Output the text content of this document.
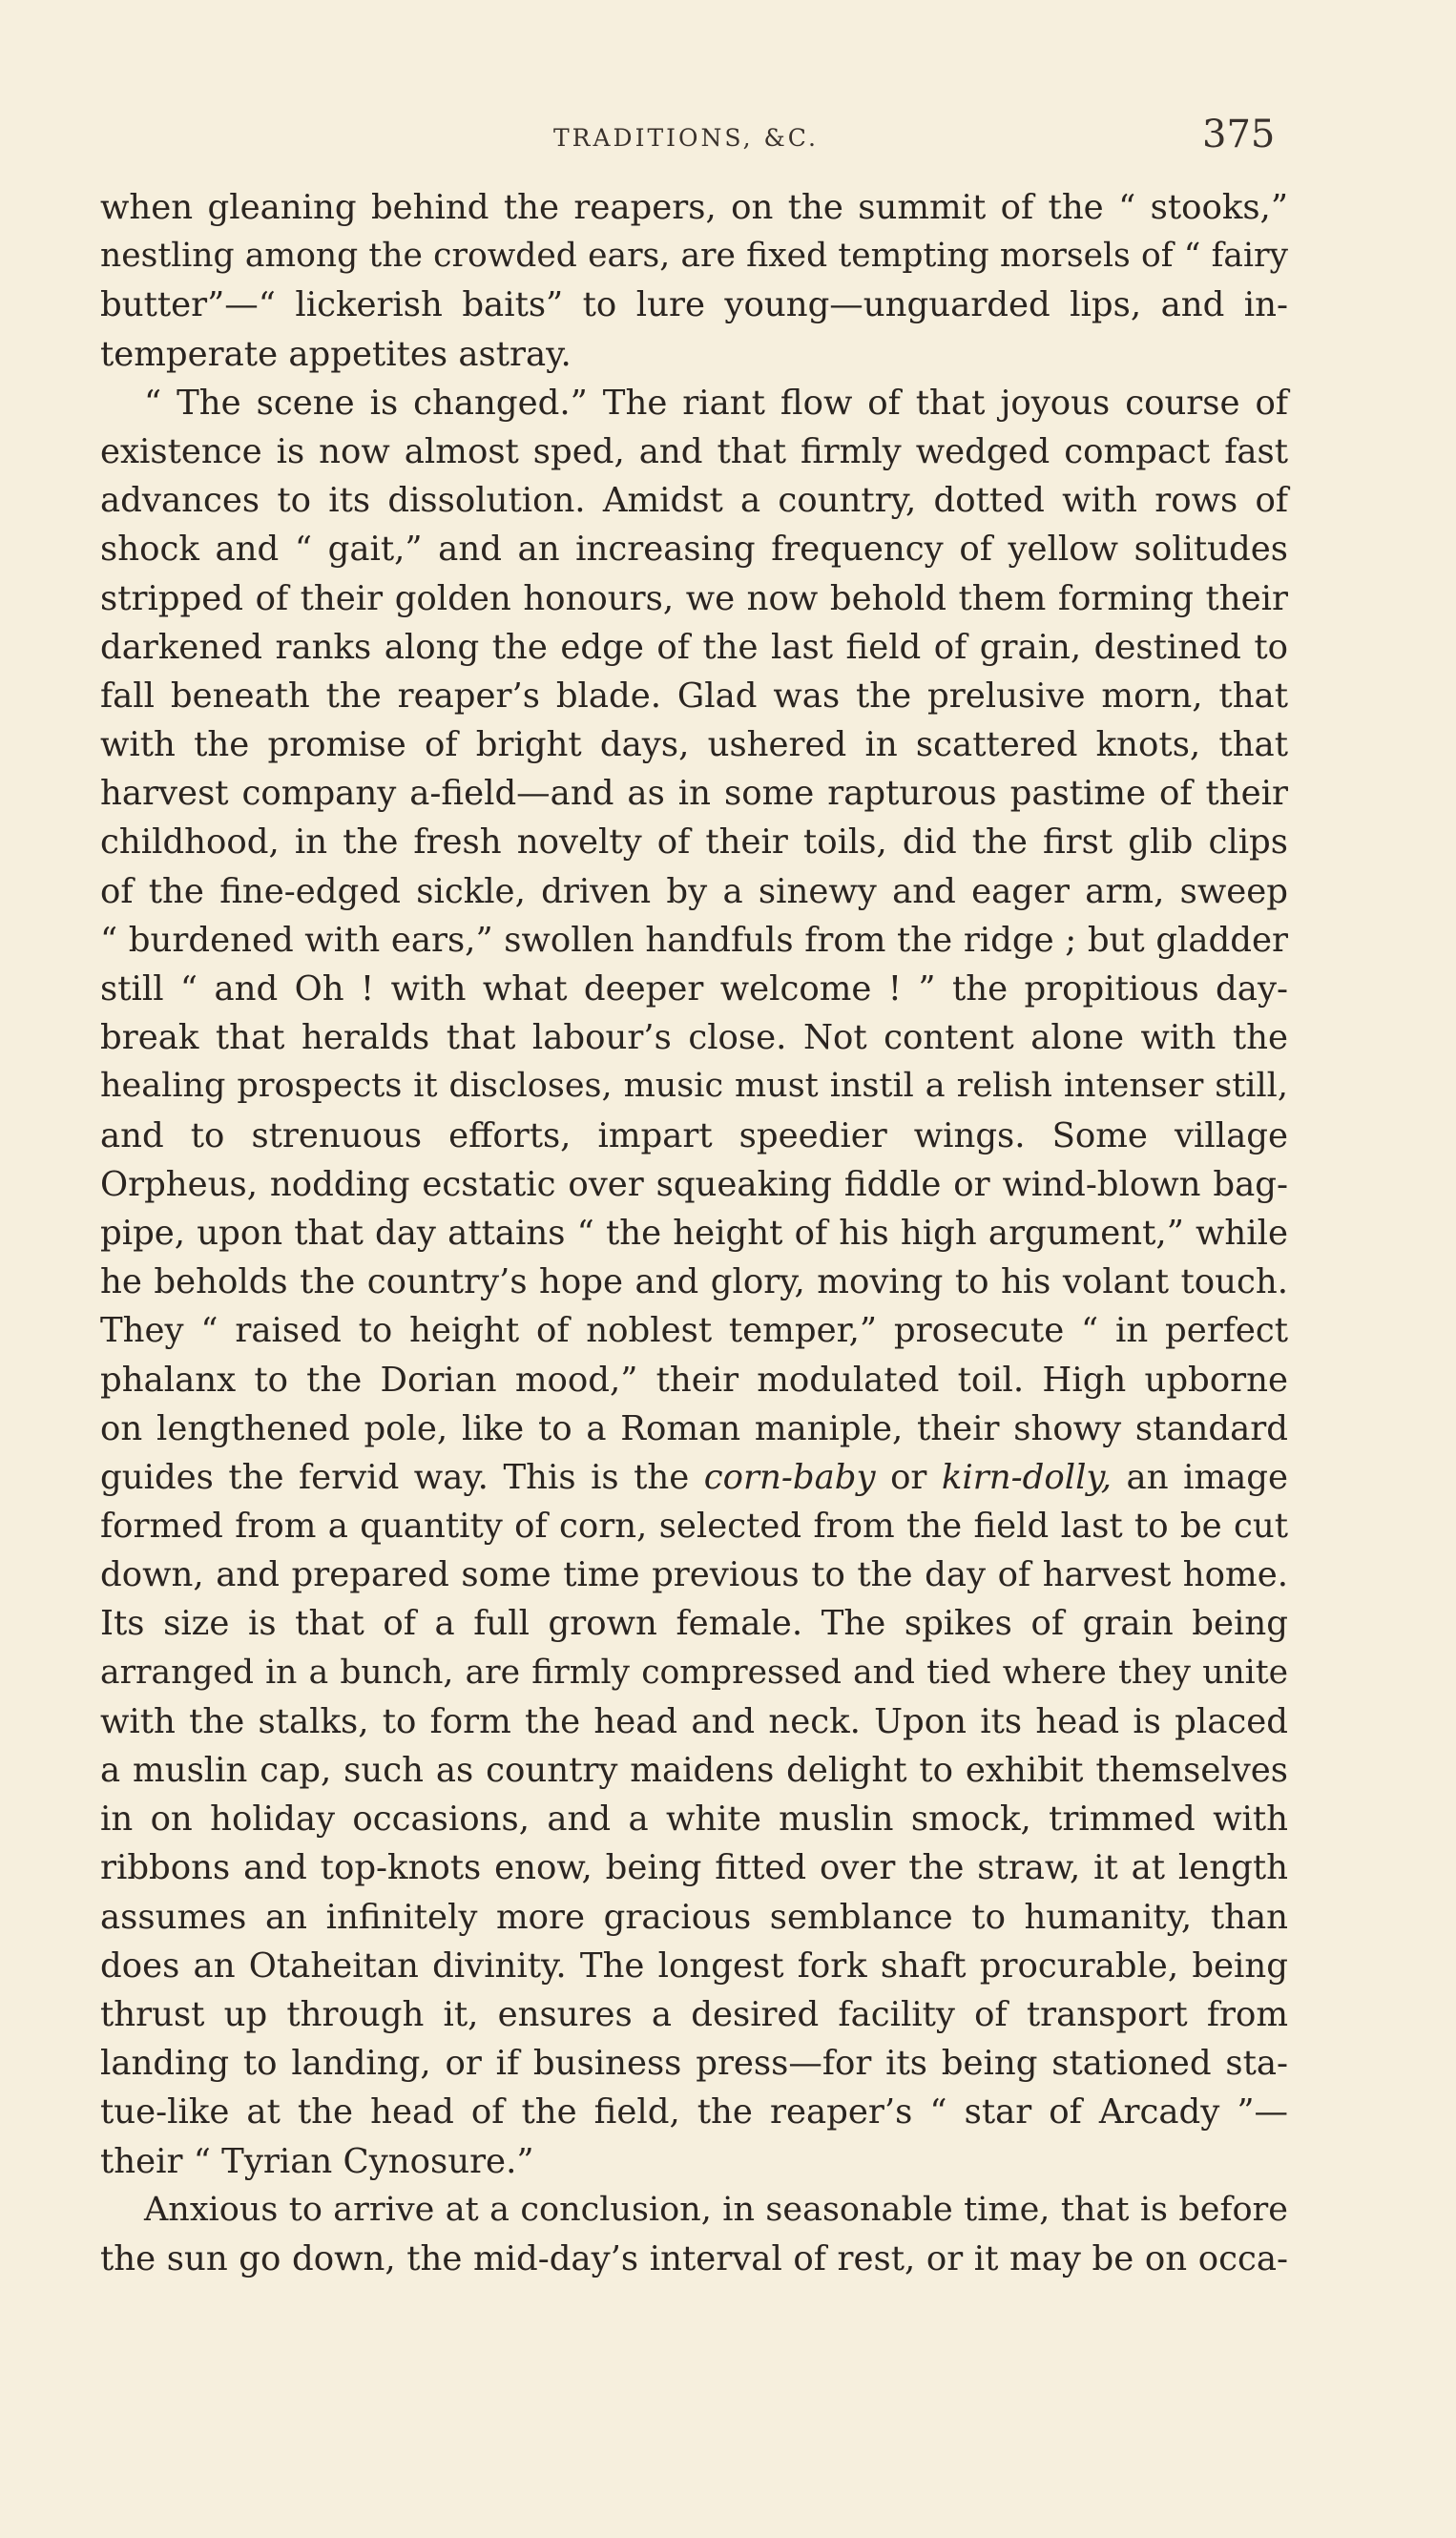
TRADITIONS, &C.	375
when gleaning behind the reapers, on the summit of the “ stooks,”
nestling among the crowded ears, are fixed tempting morsels of “ fairy
butter”—“ lickerish baits” to lure young—unguarded lips, and in-
temperate appetites astray.
“ The scene is changed.” The riant flow of that joyous course of
existence is now almost sped, and that firmly wedged compact fast
advances to its dissolution. Amidst a country, dotted with rows of
shock and “ gait,” and an increasing frequency of yellow solitudes
stripped of their golden honours, we now behold them forming their
darkened ranks along the edge of the last field of grain, destined to
fall beneath the reaper’s blade. Glad was the prelusive morn, that
with the promise of bright days, ushered in scattered knots, that
harvest company a-field—and as in some rapturous pastime of their
childhood, in the fresh novelty of their toils, did the first glib clips
of the fine-edged sickle, driven by a sinewy and eager arm, sweep
“ burdened with ears,” swollen handfuls from the ridge ; but gladder
still “ and Oh ! with what deeper welcome ! ” the propitious day-
break that heralds that labour’s close. Not content alone with the
healing prospects it discloses, music must instil a relish intenser still,
and to strenuous efforts, impart speedier wings. Some village
Orpheus, nodding ecstatic over squeaking fiddle or wind-blown bag-
pipe, upon that day attains “ the height of his high argument,” while
he beholds the country’s hope and glory, moving to his volant touch.
They “ raised to height of noblest temper,” prosecute “ in perfect
phalanx to the Dorian mood,” their modulated toil. High upborne
on lengthened pole, like to a Roman maniple, their showy standard
guides the fervid way. This is the corn-baby or kirn-dolly, an image
formed from a quantity of corn, selected from the field last to be cut
down, and prepared some time previous to the day of harvest home.
Its size is that of a full grown female. The spikes of grain being
arranged in a bunch, are firmly compressed and tied where they unite
with the stalks, to form the head and neck. Upon its head is placed
a muslin cap, such as country maidens delight to exhibit themselves
in on holiday occasions, and a white muslin smock, trimmed with
ribbons and top-knots enow, being fitted over the straw, it at length
assumes an infinitely more gracious semblance to humanity, than
does an Otaheitan divinity. The longest fork shaft procurable, being
thrust up through it, ensures a desired facility of transport from
landing to landing, or if business press—for its being stationed sta-
tue-like at the head of the field, the reaper’s “ star of Arcady ”—
their “ Tyrian Cynosure.”
Anxious to arrive at a conclusion, in seasonable time, that is before
the sun go down, the mid-day’s interval of rest, or it may be on occa-
